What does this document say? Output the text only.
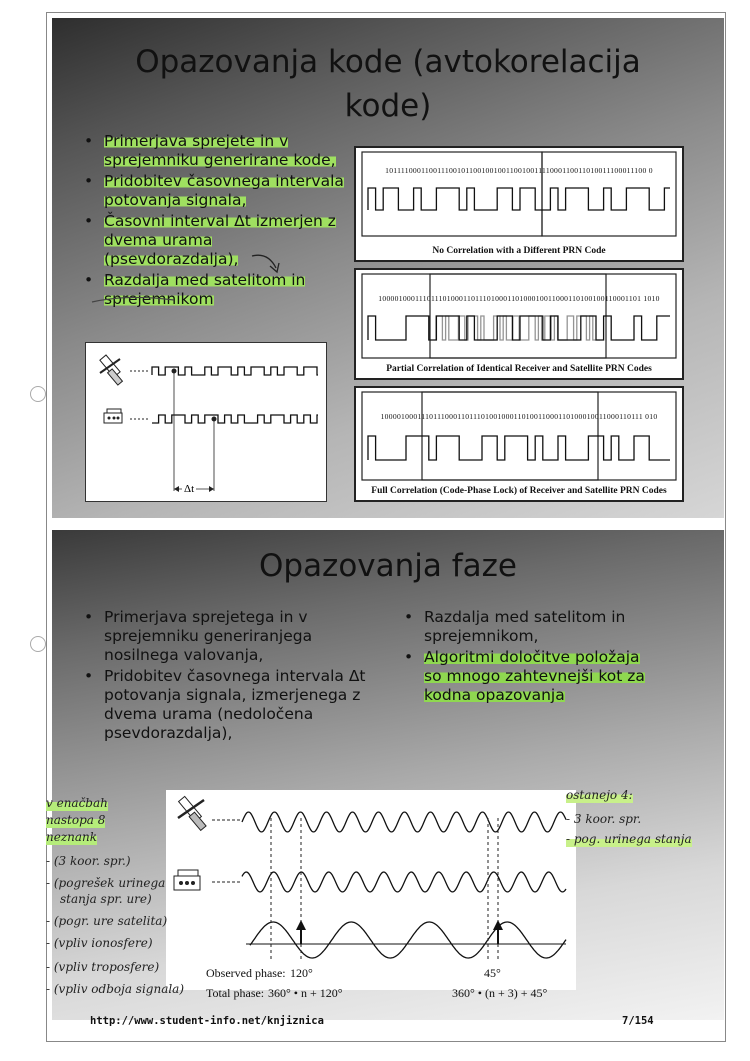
Opazovanja kode (avtokorelacija
kode)
• Primerjava sprejete in v
sprejemniku generirane kode,
• Pridobitev časovnega intervala
potovanja signala,
• Časovni interval Δt izmerjen z
dvema urama
(psevdorazdalja),
• Razdalja med satelitom in
sprejemnikom
Δt
10111100011001110010110010010011001001111000110011010011100011100 0
No Correlation with a Different PRN Code
10000100011101110100011011101000110100010011000110100100110001101 1010
Partial Correlation of Identical Receiver and Satellite PRN Codes
10000100011101110001101110100100011010011000110100010011000110111 010
Full Correlation (Code-Phase Lock) of Receiver and Satellite PRN Codes
Opazovanja faze
• Primerjava sprejetega in v
sprejemniku generiranjega
nosilnega valovanja,
• Pridobitev časovnega intervala Δt
potovanja signala, izmerjenega z
dvema urama (nedoločena
psevdorazdalja),
• Razdalja med satelitom in
sprejemnikom,
• Algoritmi določitve položaja
so mnogo zahtevnejši kot za
kodna opazovanja
Observed phase: 120°	45°
Total phase: 360° • n + 120°	360° • (n + 3) + 45°
v enačbah
nastopa 8
neznank
- (3 koor. spr.)
- (pogrešek urinega
stanja spr. ure)
- (pogr. ure satelita)
- (vpliv ionosfere)
- (vpliv troposfere)
- (vpliv odboja signala)
ostanejo 4:
- 3 koor. spr.
- pog. urinega stanja
http://www.student-info.net/knjiznica	7/154
